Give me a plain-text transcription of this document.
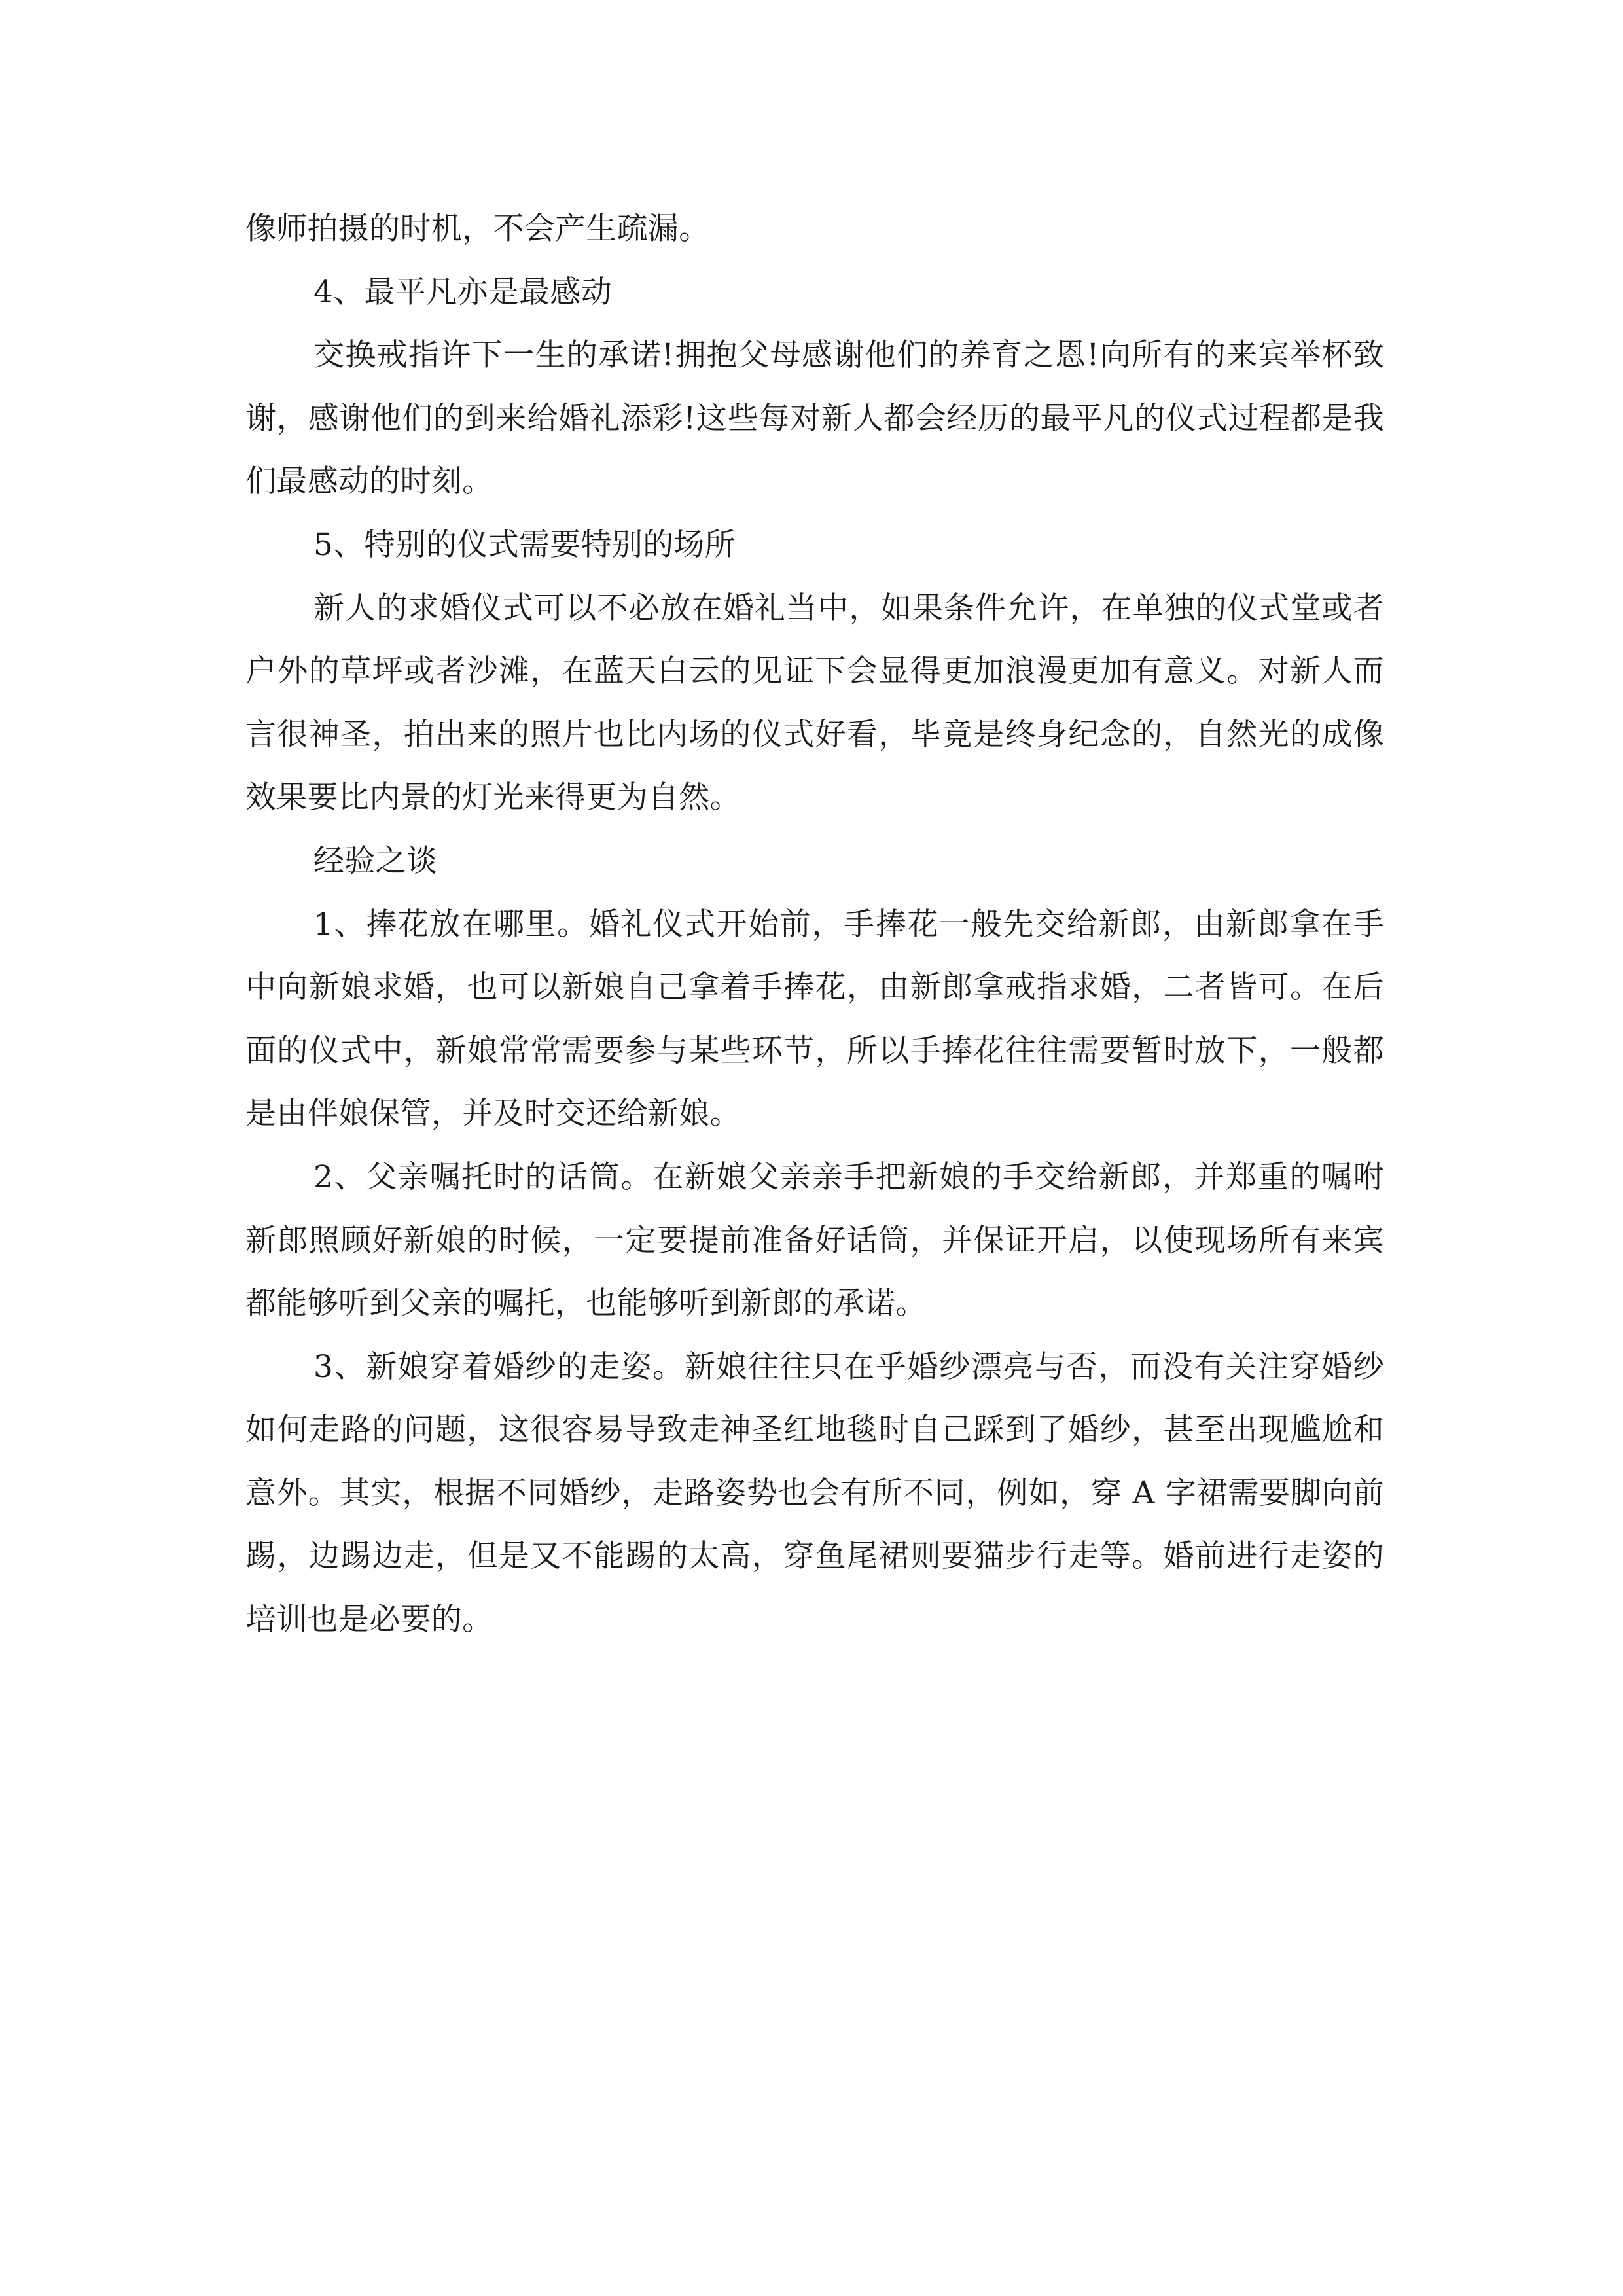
像师拍摄的时机，不会产生疏漏。

4、最平凡亦是最感动

交换戒指许下一生的承诺!拥抱父母感谢他们的养育之恩!向所有的来宾举杯致谢，感谢他们的到来给婚礼添彩!这些每对新人都会经历的最平凡的仪式过程都是我们最感动的时刻。

5、特别的仪式需要特别的场所

新人的求婚仪式可以不必放在婚礼当中，如果条件允许，在单独的仪式堂或者户外的草坪或者沙滩，在蓝天白云的见证下会显得更加浪漫更加有意义。对新人而言很神圣，拍出来的照片也比内场的仪式好看，毕竟是终身纪念的，自然光的成像效果要比内景的灯光来得更为自然。

经验之谈

1、捧花放在哪里。婚礼仪式开始前，手捧花一般先交给新郎，由新郎拿在手中向新娘求婚，也可以新娘自己拿着手捧花，由新郎拿戒指求婚，二者皆可。在后面的仪式中，新娘常常需要参与某些环节，所以手捧花往往需要暂时放下，一般都是由伴娘保管，并及时交还给新娘。

2、父亲嘱托时的话筒。在新娘父亲亲手把新娘的手交给新郎，并郑重的嘱咐新郎照顾好新娘的时候，一定要提前准备好话筒，并保证开启，以使现场所有来宾都能够听到父亲的嘱托，也能够听到新郎的承诺。

3、新娘穿着婚纱的走姿。新娘往往只在乎婚纱漂亮与否，而没有关注穿婚纱如何走路的问题，这很容易导致走神圣红地毯时自己踩到了婚纱，甚至出现尴尬和意外。其实，根据不同婚纱，走路姿势也会有所不同，例如，穿 A 字裙需要脚向前踢，边踢边走，但是又不能踢的太高，穿鱼尾裙则要猫步行走等。婚前进行走姿的培训也是必要的。
